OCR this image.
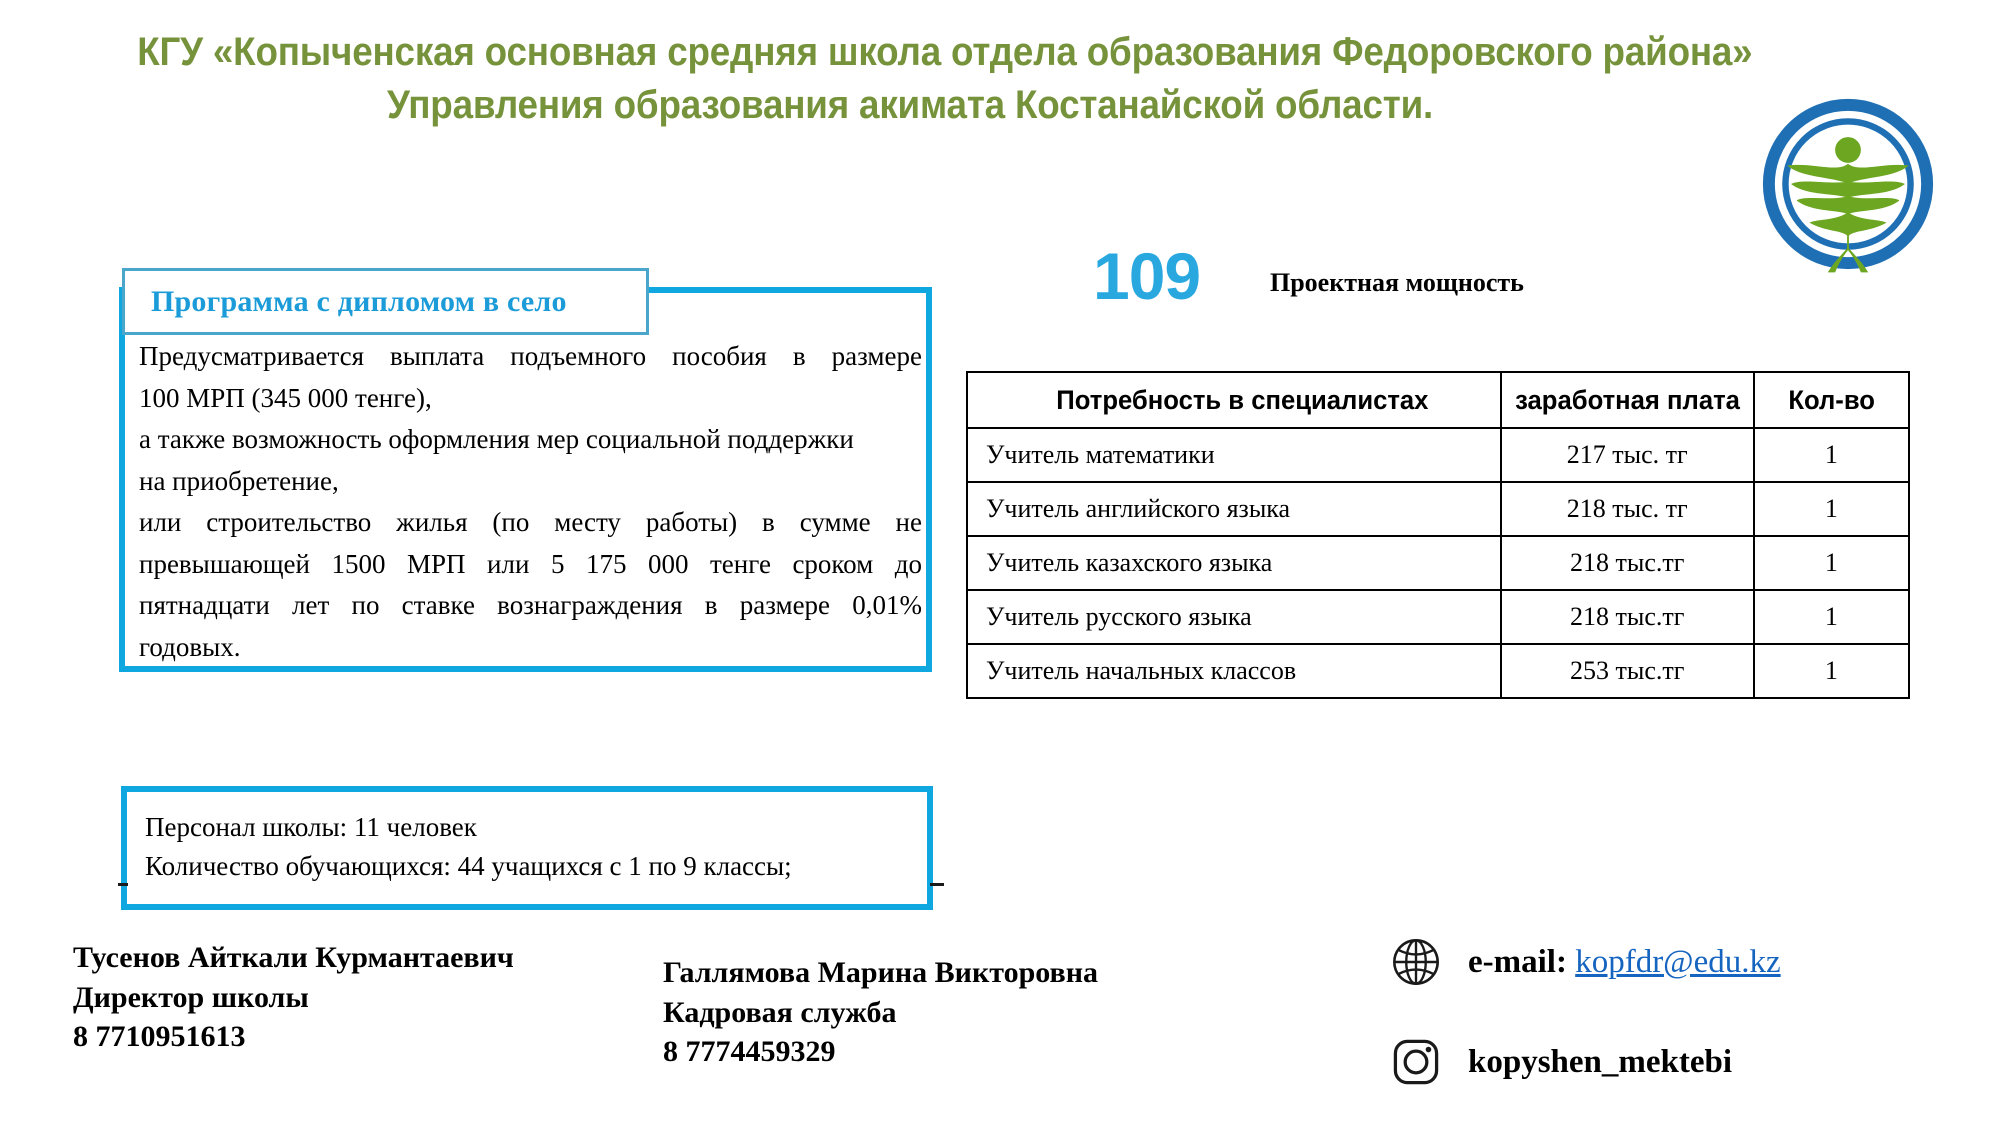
КГУ «Копыченская основная средняя школа отдела образования Федоровского района»
Управления образования акимата Костанайской области.
Программа с дипломом в село

Предусматривается выплата подъемного пособия в размере

100 МРП (345 000 тенге),

а также возможность оформления мер социальной поддержки

на приобретение,

или строительство жилья (по месту работы) в сумме не

превышающей 1500 МРП или 5 175 000 тенге сроком до

пятнадцати лет по ставке вознаграждения в размере 0,01%

годовых.

109	Проектная мощность
Потребность в специалистах	заработная плата	Кол-во
Учитель математики	217 тыс. тг	1
Учитель английского языка	218 тыс. тг	1
Учитель казахского языка	218 тыс.тг	1
Учитель русского языка	218 тыс.тг	1
Учитель начальных классов	253 тыс.тг	1

Персонал школы: 11 человек

Количество обучающихся: 44 учащихся с 1 по 9 классы;

Тусенов Айткали Курмантаевич
Директор школы
8 7710951613
Галлямова Марина Викторовна
Кадровая служба
8 7774459329
e-mail: kopfdr@edu.kz
kopyshen_mektebi
